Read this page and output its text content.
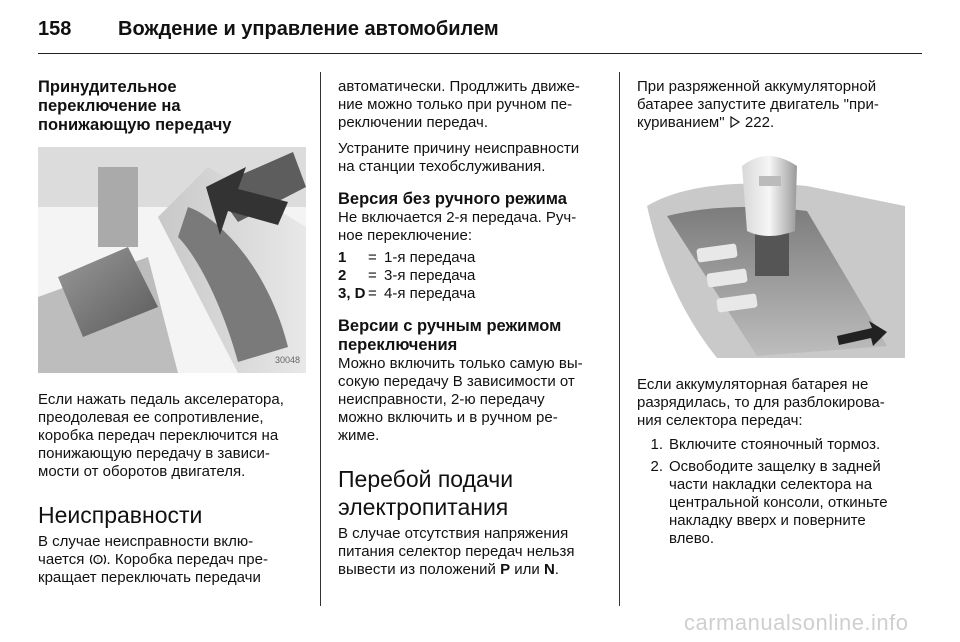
158 Вождение и управление автомобилем
Принудительное
переключение на
понижающую передачу
30048

Если нажать педаль акселератора,
преодолевая ее сопротивление,
коробка передач переключится на
понижающую передачу в зависи-
мости от оборотов двигателя.

Неисправности

В случае неисправности вклю-
чается ! . Коробка передач пре-
кращает переключать передачи

автоматически. Продлжить движе-
ние можно только при ручном пе-
реключении передач.

Устраните причину неисправности
на станции техобслуживания.

Версия без ручного режима

Не включается 2-я передача. Руч-
ное переключение:

1	= 1-я передача
2	= 3-я передача
3, D = 4-я передача
Версии с ручным режимом
переключения

Можно включить только самую вы-
сокую передачу В зависимости от
неисправности, 2-ю передачу
можно включить и в ручном ре-
жиме.

Перебой подачи
электропитания

В случае отсутствия напряжения
питания селектор передач нельзя
вывести из положений P или N.

При разряженной аккумуляторной
батарее запустите двигатель "при-
куриванием"  222.

Если аккумуляторная батарея не
разрядилась, то для разблокирова-
ния селектора передач:

1. Включите стояночный тормоз.
2. Освободите защелку в задней
части накладки селектора на
центральной консоли, откиньте
накладку вверх и поверните
влево.
carmanualsonline.info
